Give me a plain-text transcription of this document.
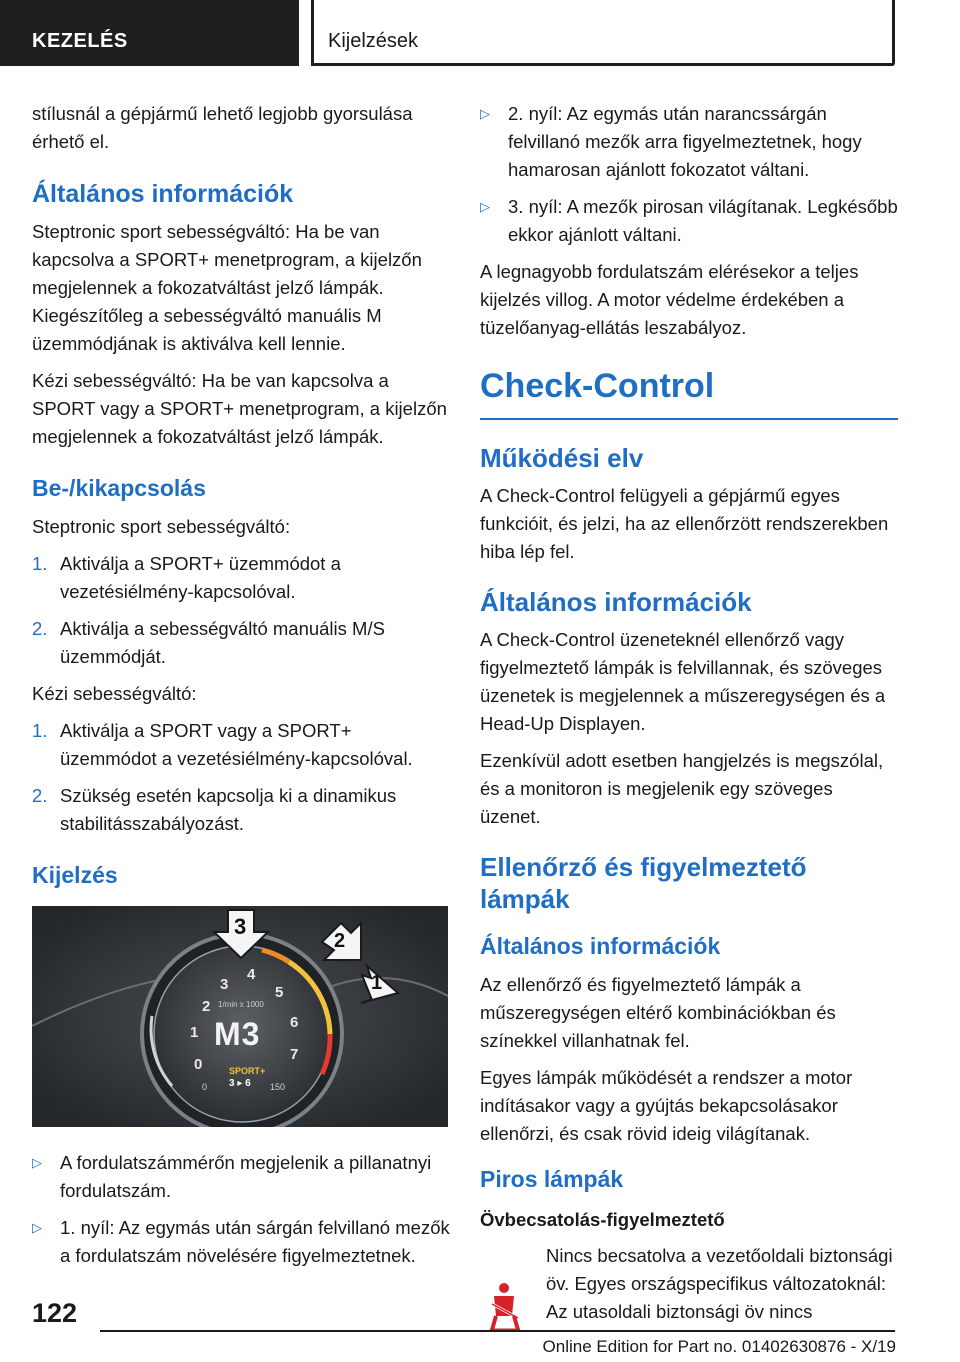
KEZELÉS	Kijelzések

stílusnál a gépjármű lehető legjobb gyorsulása érhető el.

Általános információk

Steptronic sport sebességváltó: Ha be van kapcsolva a SPORT+ menetprogram, a kijelzőn megjelennek a fokozatváltást jelző lámpák. Kiegészítőleg a sebességváltó manuális M üzemmódjának is aktiválva kell lennie.

Kézi sebességváltó: Ha be van kapcsolva a SPORT vagy a SPORT+ menetprogram, a kijelzőn megjelennek a fokozatváltást jelző lámpák.

Be-/kikapcsolás

Steptronic sport sebességváltó:

1. Aktiválja a SPORT+ üzemmódot a vezetésiélmény-kapcsolóval.
2. Aktiválja a sebességváltó manuális M/S üzemmódját.

Kézi sebességváltó:

1. Aktiválja a SPORT vagy a SPORT+ üzemmódot a vezetésiélmény-kapcsolóval.
2. Szükség esetén kapcsolja ki a dinamikus stabilitásszabályozást.
Kijelzés
0
1
2
3
4
5
6
7
1/min x 1000
M3
SPORT+
3 ▸ 6
0	150
3
2
1
▷ A fordulatszámmérőn megjelenik a pillanatnyi fordulatszám.
▷ 1. nyíl: Az egymás után sárgán felvillanó mezők a fordulatszám növelésére figyelmeztetnek.
▷ 2. nyíl: Az egymás után narancssárgán felvillanó mezők arra figyelmeztetnek, hogy hamarosan ajánlott fokozatot váltani.
▷ 3. nyíl: A mezők pirosan világítanak. Legkésőbb ekkor ajánlott váltani.

A legnagyobb fordulatszám elérésekor a teljes kijelzés villog. A motor védelme érdekében a tüzelőanyag-ellátás leszabályoz.

Check-Control
Működési elv

A Check-Control felügyeli a gépjármű egyes funkcióit, és jelzi, ha az ellenőrzött rendszerekben hiba lép fel.

Általános információk

A Check-Control üzeneteknél ellenőrző vagy figyelmeztető lámpák is felvillannak, és szöveges üzenetek is megjelennek a műszeregységen és a Head-Up Displayen.

Ezenkívül adott esetben hangjelzés is megszólal, és a monitoron is megjelenik egy szöveges üzenet.

Ellenőrző és figyelmeztető lámpák
Általános információk

Az ellenőrző és figyelmeztető lámpák a műszeregységen eltérő kombinációkban és színekkel villanhatnak fel.

Egyes lámpák működését a rendszer a motor indításakor vagy a gyújtás bekapcsolásakor ellenőrzi, és csak rövid ideig világítanak.

Piros lámpák
Övbecsatolás-figyelmeztető

Nincs becsatolva a vezetőoldali biztonsági öv. Egyes országspecifikus változatoknál: Az utasoldali biztonsági öv nincs

122
Online Edition for Part no. 01402630876 - X/19
